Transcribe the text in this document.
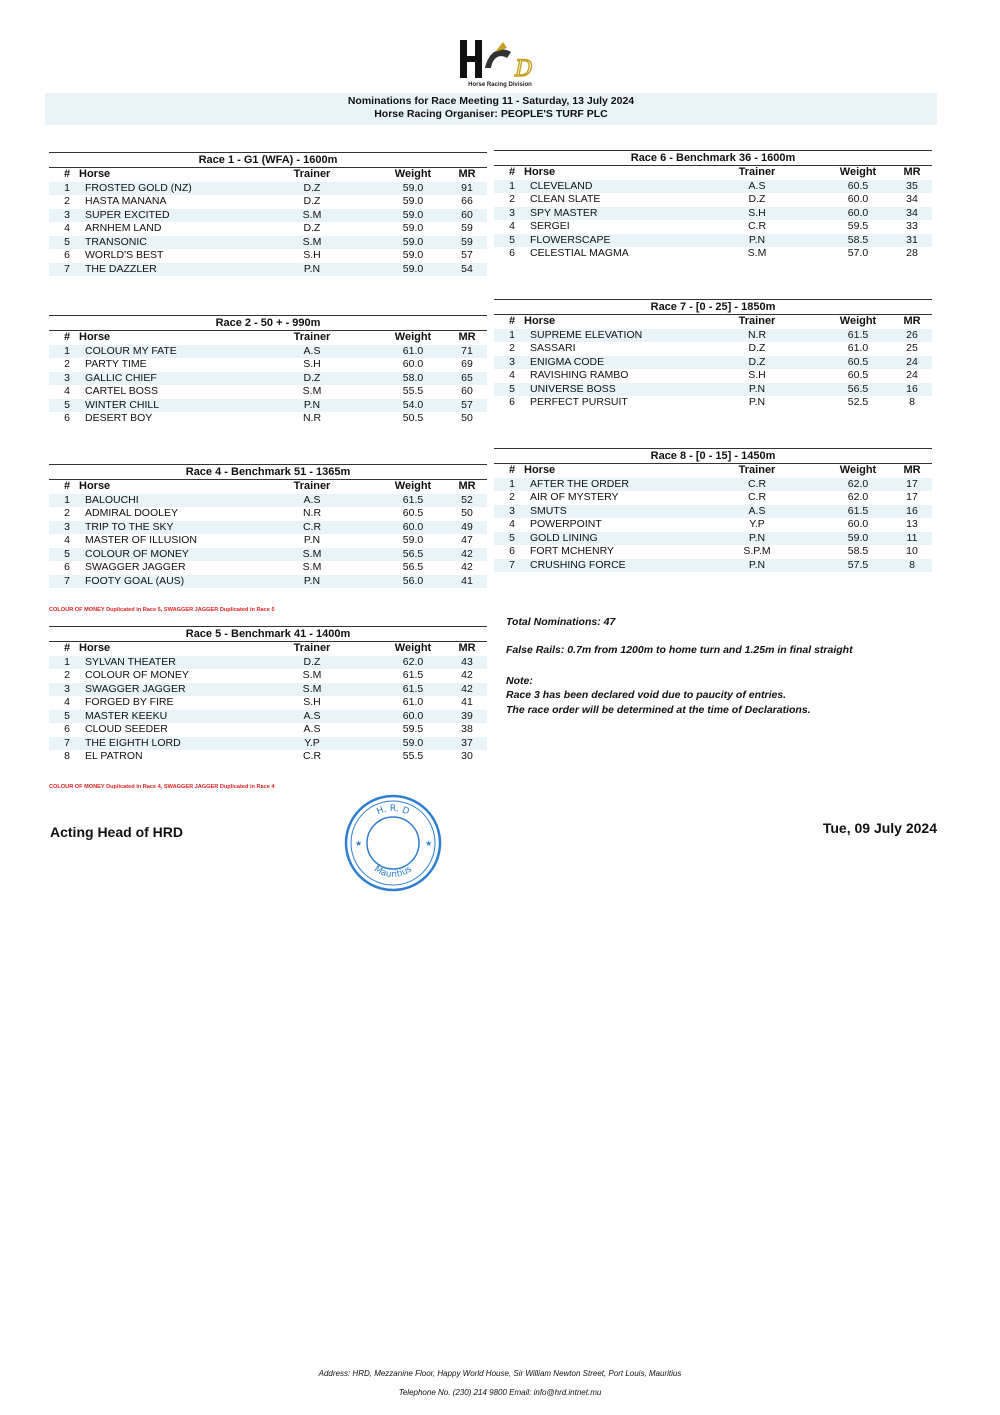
D
Horse Racing Division
Nominations for Race Meeting 11 - Saturday, 13 July 2024
Horse Racing Organiser: PEOPLE'S TURF PLC
Race 1 - G1 (WFA) - 1600m
# Horse	Trainer	Weight	MR
1	FROSTED GOLD (NZ)	D.Z	59.0	91
2	HASTA MANANA	D.Z	59.0	66
3	SUPER EXCITED	S.M	59.0	60
4	ARNHEM LAND	D.Z	59.0	59
5	TRANSONIC	S.M	59.0	59
6	WORLD'S BEST	S.H	59.0	57
7	THE DAZZLER	P.N	59.0	54
Race 2 - 50 + - 990m
# Horse	Trainer	Weight	MR
1	COLOUR MY FATE	A.S	61.0	71
2	PARTY TIME	S.H	60.0	69
3	GALLIC CHIEF	D.Z	58.0	65
4	CARTEL BOSS	S.M	55.5	60
5	WINTER CHILL	P.N	54.0	57
6	DESERT BOY	N.R	50.5	50
Race 4 - Benchmark 51 - 1365m
# Horse	Trainer	Weight	MR
1	BALOUCHI	A.S	61.5	52
2	ADMIRAL DOOLEY	N.R	60.5	50
3	TRIP TO THE SKY	C.R	60.0	49
4	MASTER OF ILLUSION	P.N	59.0	47
5	COLOUR OF MONEY	S.M	56.5	42
6	SWAGGER JAGGER	S.M	56.5	42
7	FOOTY GOAL (AUS)	P.N	56.0	41
Race 5 - Benchmark 41 - 1400m
# Horse	Trainer	Weight	MR
1	SYLVAN THEATER	D.Z	62.0	43
2	COLOUR OF MONEY	S.M	61.5	42
3	SWAGGER JAGGER	S.M	61.5	42
4	FORGED BY FIRE	S.H	61.0	41
5	MASTER KEEKU	A.S	60.0	39
6	CLOUD SEEDER	A.S	59.5	38
7	THE EIGHTH LORD	Y.P	59.0	37
8	EL PATRON	C.R	55.5	30
Race 6 - Benchmark 36 - 1600m
# Horse	Trainer	Weight	MR
1	CLEVELAND	A.S	60.5	35
2	CLEAN SLATE	D.Z	60.0	34
3	SPY MASTER	S.H	60.0	34
4	SERGEI	C.R	59.5	33
5	FLOWERSCAPE	P.N	58.5	31
6	CELESTIAL MAGMA	S.M	57.0	28
Race 7 - [0 - 25] - 1850m
# Horse	Trainer	Weight	MR
1	SUPREME ELEVATION	N.R	61.5	26
2	SASSARI	D.Z	61.0	25
3	ENIGMA CODE	D.Z	60.5	24
4	RAVISHING RAMBO	S.H	60.5	24
5	UNIVERSE BOSS	P.N	56.5	16
6	PERFECT PURSUIT	P.N	52.5	8
Race 8 - [0 - 15] - 1450m
# Horse	Trainer	Weight	MR
1	AFTER THE ORDER	C.R	62.0	17
2	AIR OF MYSTERY	C.R	62.0	17
3	SMUTS	A.S	61.5	16
4	POWERPOINT	Y.P	60.0	13
5	GOLD LINING	P.N	59.0	11
6	FORT MCHENRY	S.P.M	58.5	10
7	CRUSHING FORCE	P.N	57.5	8
COLOUR OF MONEY Duplicated in Race 5, SWAGGER JAGGER Duplicated in Race 5
COLOUR OF MONEY Duplicated in Race 4, SWAGGER JAGGER Duplicated in Race 4
Total Nominations: 47
False Rails: 0.7m from 1200m to home turn and 1.25m in final straight
Note:
Race 3 has been declared void due to paucity of entries.
The race order will be determined at the time of Declarations.
Acting Head of HRD	Tue, 09 July 2024
H. R. D
Mauritius
★	★
Address: HRD, Mezzanine Floor, Happy World House, Sir William Newton Street, Port Louis, Mauritius
Telephone No. (230) 214 9800 Email: info@hrd.intnet.mu
